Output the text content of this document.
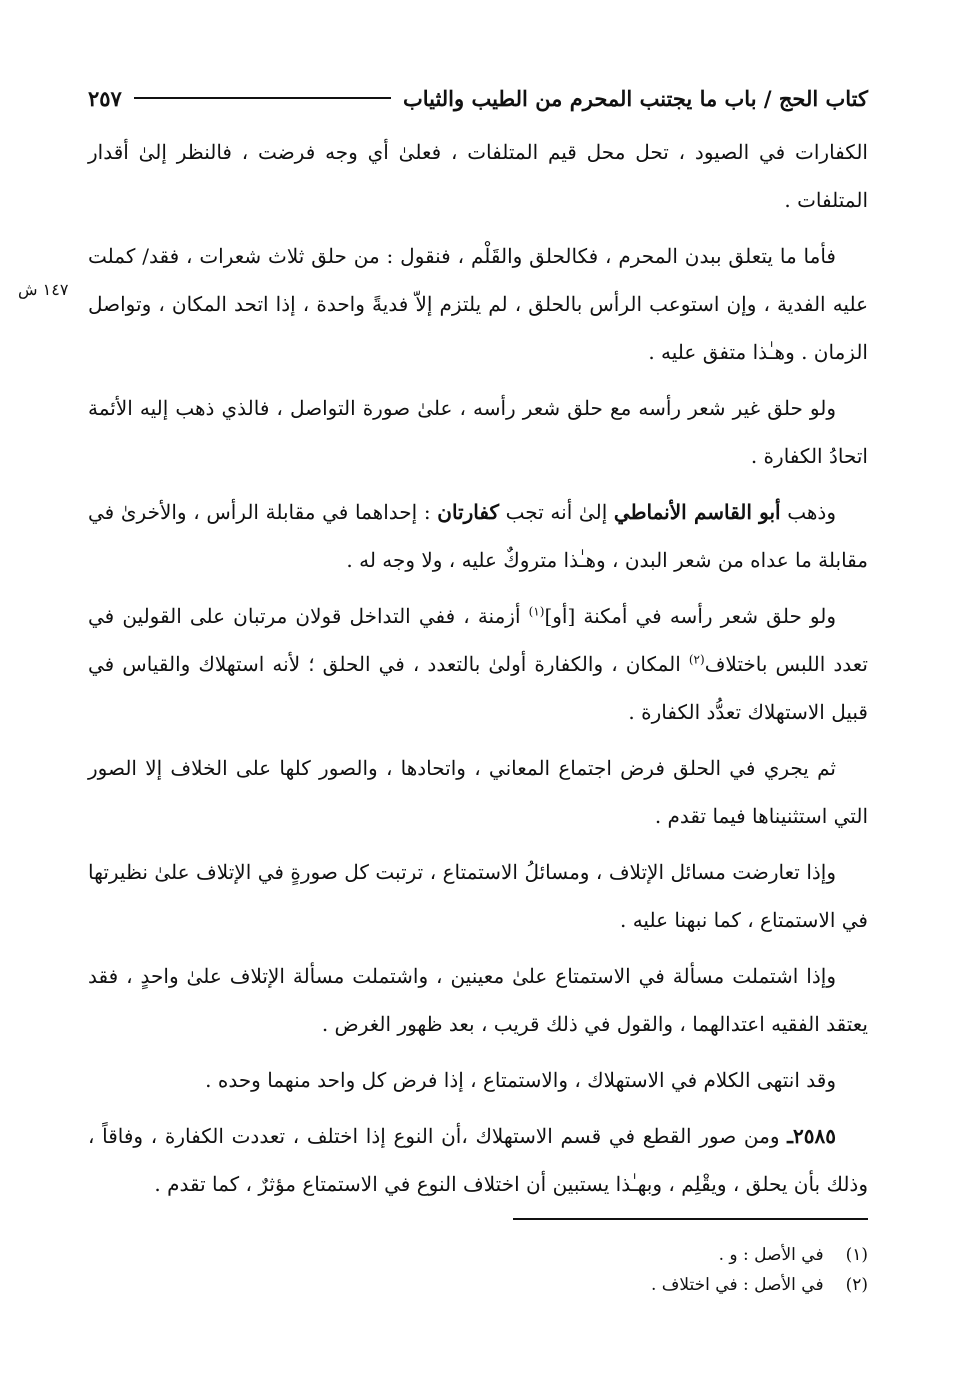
كتاب الحج / باب ما يجتنب المحرم من الطيب والثياب
٢٥٧
١٤٧ ش

الكفارات في الصيود ، تحل محل قيم المتلفات ، فعلىٰ أي وجه فرضت ، فالنظر إلىٰ أقدار المتلفات .

فأما ما يتعلق ببدن المحرم ، فكالحلق والقَلْم ، فنقول : من حلق ثلاث شعرات ، فقد/ كملت عليه الفدية ، وإن استوعب الرأس بالحلق ، لم يلتزم إلاّ فديةً واحدة ، إذا اتحد المكان ، وتواصل الزمان . وهـٰذا متفق عليه .

ولو حلق غير شعر رأسه مع حلق شعر رأسه ، علىٰ صورة التواصل ، فالذي ذهب إليه الأئمة اتحادُ الكفارة .

وذهب أبو القاسم الأنماطي إلىٰ أنه تجب كفارتان : إحداهما في مقابلة الرأس ، والأخرىٰ في مقابلة ما عداه من شعر البدن ، وهـٰذا متروكٌ عليه ، ولا وجه له .

ولو حلق شعر رأسه في أمكنة [أو]$^{(١)}$ أزمنة ، ففي التداخل قولان مرتبان على القولين في تعدد اللبس باختلاف$^{(٢)}$ المكان ، والكفارة أولىٰ بالتعدد ، في الحلق ؛ لأنه استهلاك والقياس في قبيل الاستهلاك تعدُّد الكفارة .

ثم يجري في الحلق فرض اجتماع المعاني ، واتحادها ، والصور كلها على الخلاف إلا الصور التي استثنيناها فيما تقدم .

وإذا تعارضت مسائل الإتلاف ، ومسائلُ الاستمتاع ، ترتبت كل صورةٍ في الإتلاف علىٰ نظيرتها في الاستمتاع ، كما نبهنا عليه .

وإذا اشتملت مسألة في الاستمتاع علىٰ معينين ، واشتملت مسألة الإتلاف علىٰ واحدٍ ، فقد يعتقد الفقيه اعتدالهما ، والقول في ذلك قريب ، بعد ظهور الغرض .

وقد انتهى الكلام في الاستهلاك ، والاستمتاع ، إذا فرض كل واحد منهما وحده .

٢٥٨٥ـ ومن صور القطع في قسم الاستهلاك ،أن النوع إذا اختلف ، تعددت الكفارة ، وفاقاً ، وذلك بأن يحلق ، ويقْلِم ، وبهـٰذا يستبين أن اختلاف النوع في الاستمتاع مؤثرٌ ، كما تقدم .

(١)
في الأصل : و .
(٢)
في الأصل : في اختلاف .
